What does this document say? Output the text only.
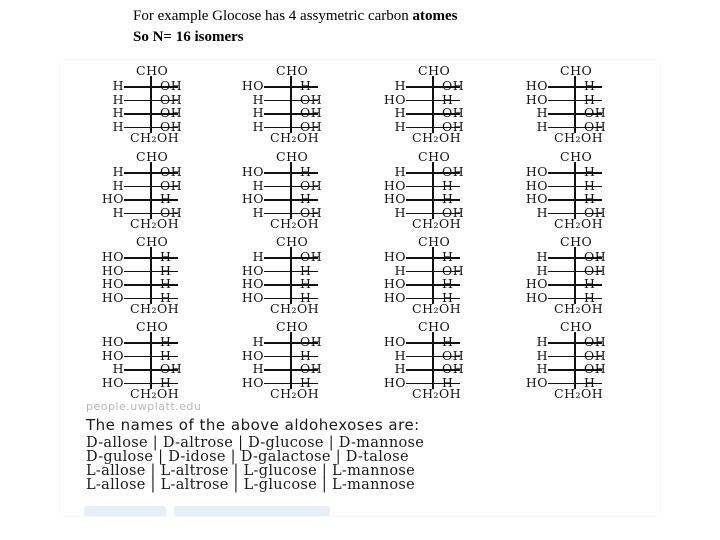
For example Glocose has 4 assymetric carbon atomes
So N= 16 isomers
CHO
H	OH
H	OH
H	OH
H	OH
CH₂OH
CHO
HO	H
H	OH
H	OH
H	OH
CH₂OH
CHO
H	OH
HO	H
H	OH
H	OH
CH₂OH
CHO
HO	H
HO	H
H	OH
H	OH
CH₂OH
CHO
H	OH
H	OH
HO	H
H	OH
CH₂OH
CHO
HO	H
H	OH
HO	H
H	OH
CH₂OH
CHO
H	OH
HO	H
HO	H
H	OH
CH₂OH
CHO
HO	H
HO	H
HO	H
H	OH
CH₂OH
CHO
HO	H
HO	H
HO	H
HO	H
CH₂OH
CHO
H	OH
HO	H
HO	H
HO	H
CH₂OH
CHO
HO	H
H	OH
HO	H
HO	H
CH₂OH
CHO
H	OH
H	OH
HO	H
HO	H
CH₂OH
CHO
HO	H
HO	H
H	OH
HO	H
CH₂OH
CHO
H	OH
HO	H
H	OH
HO	H
CH₂OH
CHO
HO	H
H	OH
H	OH
HO	H
CH₂OH
CHO
H	OH
H	OH
H	OH
HO	H
CH₂OH
people.uwplatt.edu
The names of the above aldohexoses are:
D-allose | D-altrose | D-glucose | D-mannose
D-gulose | D-idose | D-galactose | D-talose
L-allose | L-altrose | L-glucose | L-mannose
L-allose | L-altrose | L-glucose | L-mannose
